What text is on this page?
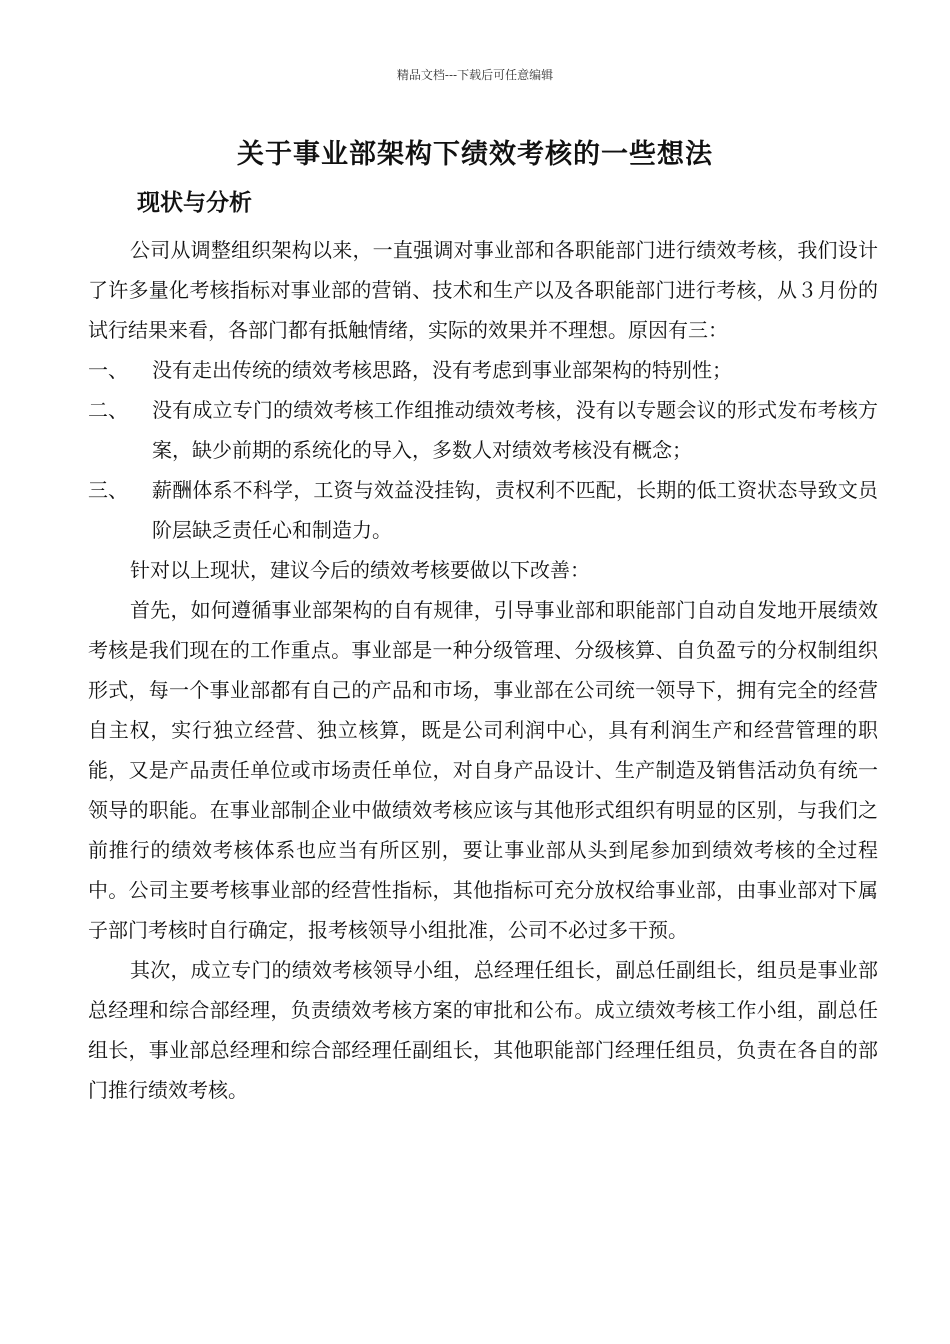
精品文档---下载后可任意编辑
关于事业部架构下绩效考核的一些想法
现状与分析

公司从调整组织架构以来，一直强调对事业部和各职能部门进行绩效考核，我们设计了许多量化考核指标对事业部的营销、技术和生产以及各职能部门进行考核，从３月份的试行结果来看，各部门都有抵触情绪，实际的效果并不理想。原因有三：

一、 没有走出传统的绩效考核思路，没有考虑到事业部架构的特别性；

二、 没有成立专门的绩效考核工作组推动绩效考核，没有以专题会议的形式发布考核方案，缺少前期的系统化的导入，多数人对绩效考核没有概念；

三、 薪酬体系不科学，工资与效益没挂钩，责权利不匹配，长期的低工资状态导致文员阶层缺乏责任心和制造力。

针对以上现状，建议今后的绩效考核要做以下改善：

首先，如何遵循事业部架构的自有规律，引导事业部和职能部门自动自发地开展绩效考核是我们现在的工作重点。事业部是一种分级管理、分级核算、自负盈亏的分权制组织形式，每一个事业部都有自己的产品和市场，事业部在公司统一领导下，拥有完全的经营自主权，实行独立经营、独立核算，既是公司利润中心，具有利润生产和经营管理的职能，又是产品责任单位或市场责任单位，对自身产品设计、生产制造及销售活动负有统一领导的职能。在事业部制企业中做绩效考核应该与其他形式组织有明显的区别，与我们之前推行的绩效考核体系也应当有所区别，要让事业部从头到尾参加到绩效考核的全过程中。公司主要考核事业部的经营性指标，其他指标可充分放权给事业部，由事业部对下属子部门考核时自行确定，报考核领导小组批准，公司不必过多干预。

其次，成立专门的绩效考核领导小组，总经理任组长，副总任副组长，组员是事业部总经理和综合部经理，负责绩效考核方案的审批和公布。成立绩效考核工作小组，副总任组长，事业部总经理和综合部经理任副组长，其他职能部门经理任组员，负责在各自的部门推行绩效考核。
